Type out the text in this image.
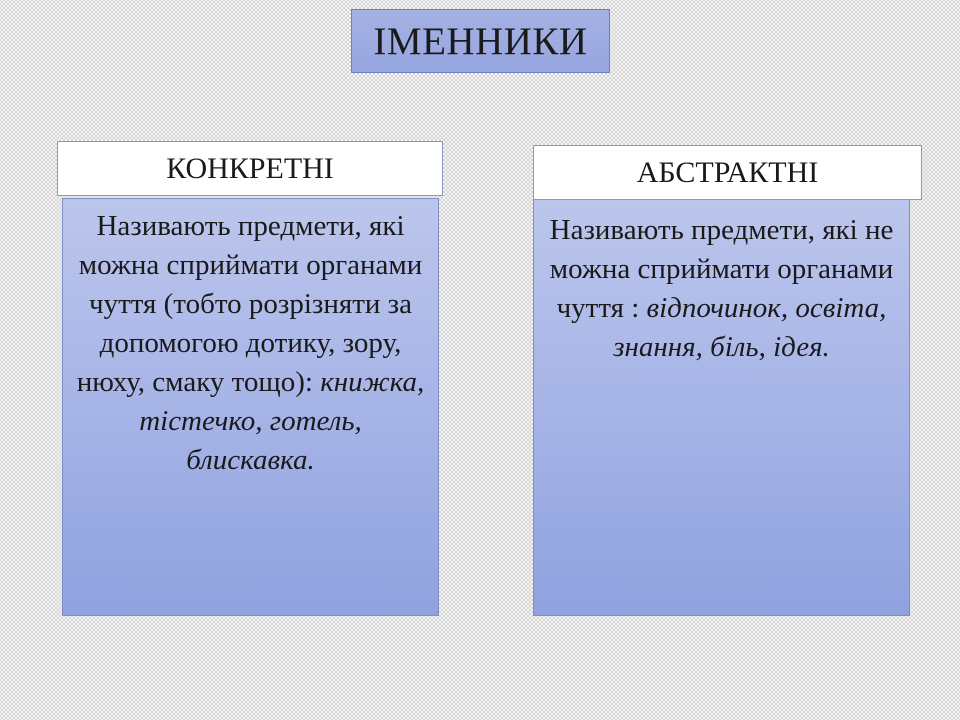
ІМЕННИКИ
КОНКРЕТНІ

Називають предмети, які можна сприймати органами чуття (тобто розрізняти за допомогою дотику, зору, нюху, смаку тощо): книжка, тістечко, готель, блискавка.

АБСТРАКТНІ

Називають предмети, які не можна сприймати органами чуття : відпочинок, освіта, знання, біль, ідея.
